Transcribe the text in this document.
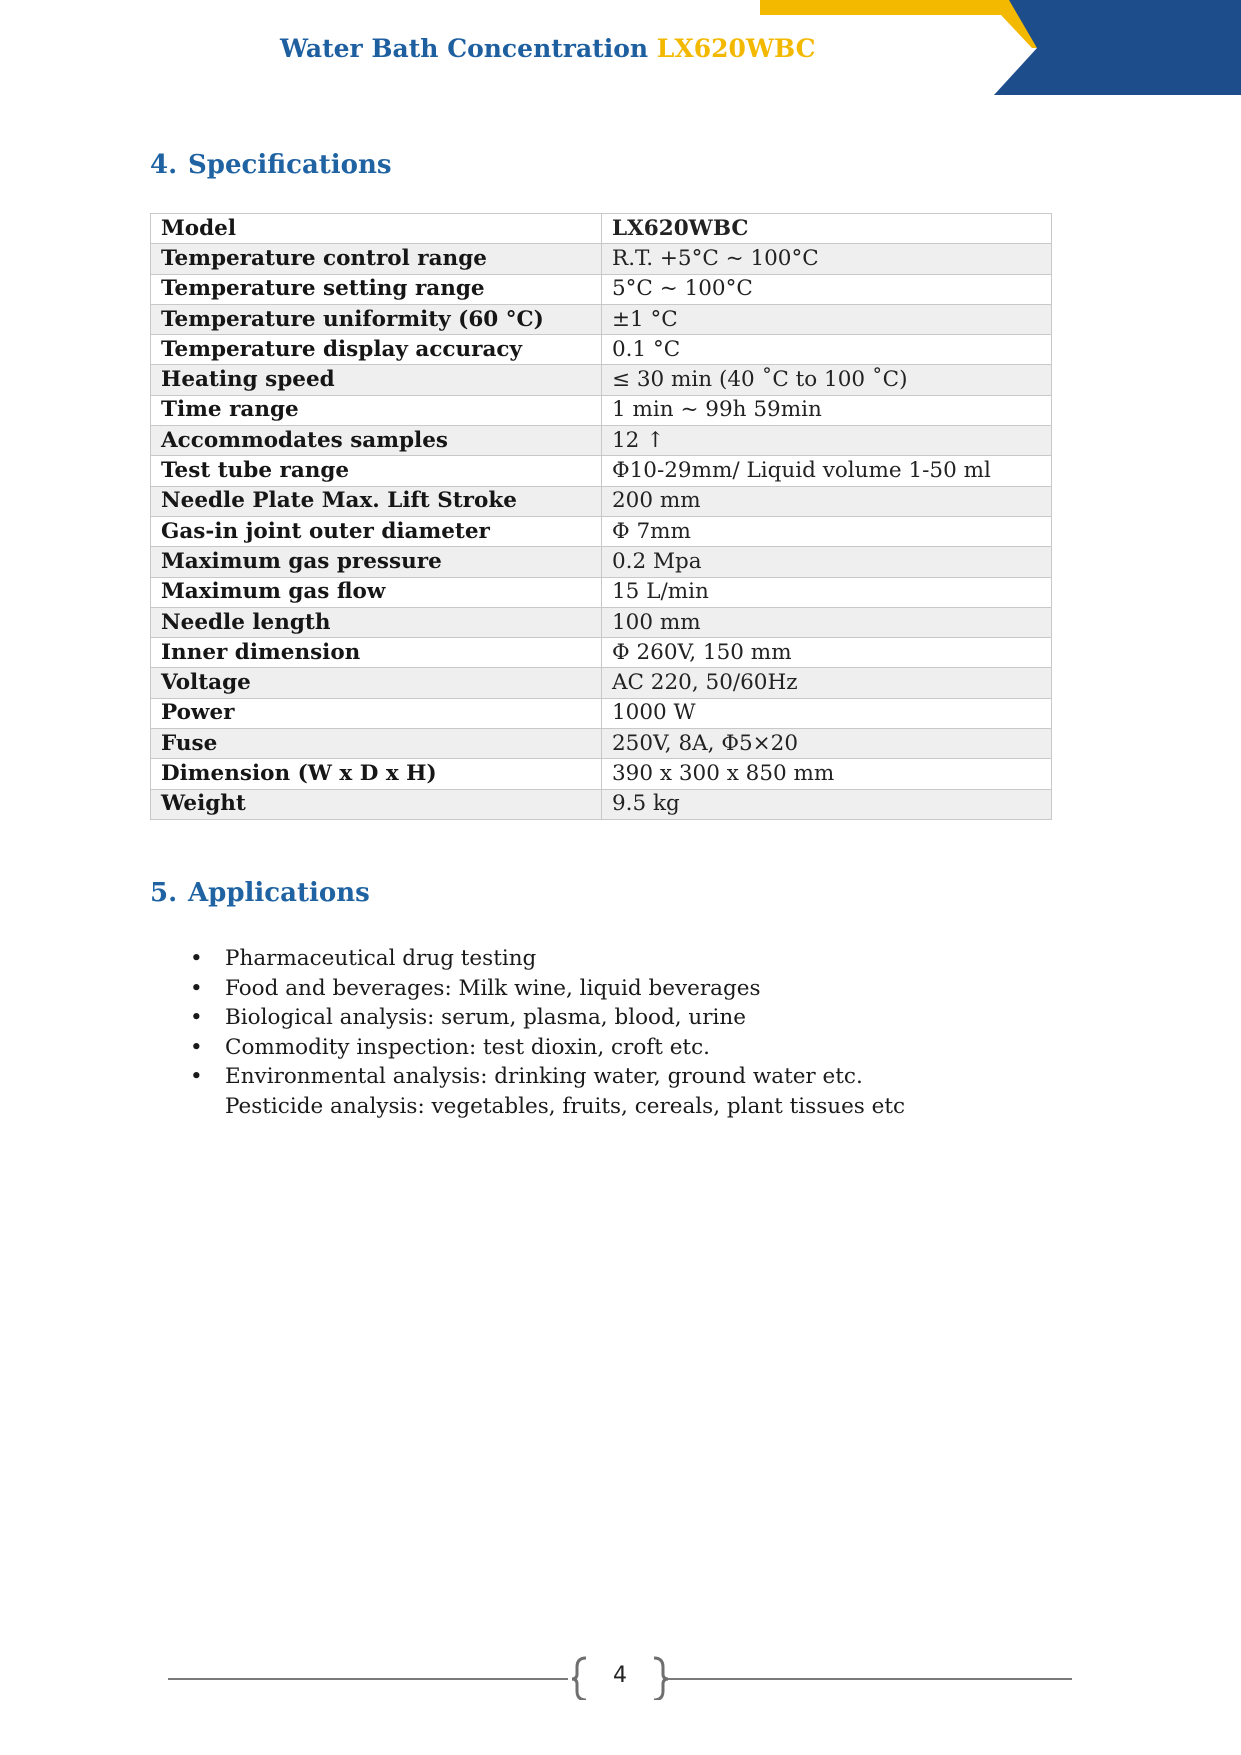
Water Bath Concentration LX620WBC
4. Specifications
Model	LX620WBC
Temperature control range	R.T. +5°C ~ 100°C
Temperature setting range	5°C ~ 100°C
Temperature uniformity (60 °C)	±1 °C
Temperature display accuracy	0.1 °C
Heating speed	≤ 30 min (40 ˚C to 100 ˚C)
Time range	1 min ~ 99h 59min
Accommodates samples	12 ↑
Test tube range	Φ10-29mm/ Liquid volume 1-50 ml
Needle Plate Max. Lift Stroke	200 mm
Gas-in joint outer diameter	Φ 7mm
Maximum gas pressure	0.2 Mpa
Maximum gas flow	15 L/min
Needle length	100 mm
Inner dimension	Φ 260V, 150 mm
Voltage	AC 220, 50/60Hz
Power	1000 W
Fuse	250V, 8A, Φ5×20
Dimension (W x D x H)	390 x 300 x 850 mm
Weight	9.5 kg
5. Applications
•	Pharmaceutical drug testing
•	Food and beverages: Milk wine, liquid beverages
•	Biological analysis: serum, plasma, blood, urine
•	Commodity inspection: test dioxin, croft etc.
•	Environmental analysis: drinking water, ground water etc.
Pesticide analysis: vegetables, fruits, cereals, plant tissues etc
4
